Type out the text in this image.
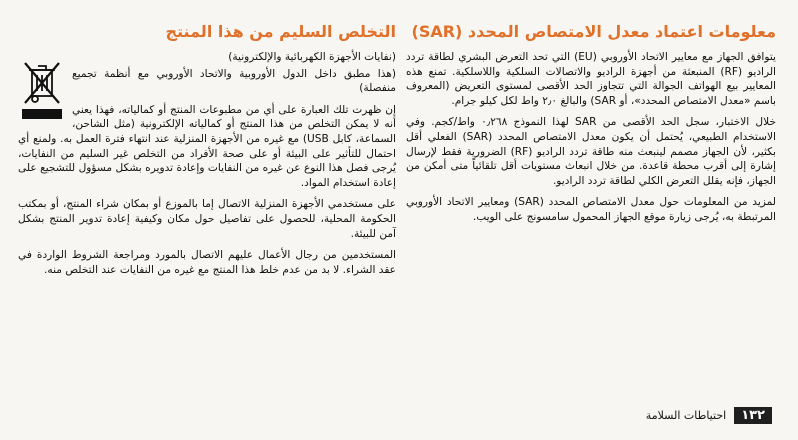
معلومات اعتماد معدل الامتصاص المحدد (SAR)

يتوافق الجهاز مع معايير الاتحاد الأوروبي (EU) التي تحد التعرض البشري لطاقة تردد الراديو (RF) المنبعثة من أجهزة الراديو والاتصالات السلكية واللاسلكية. تمنع هذه المعايير بيع الهواتف الجوالة التي تتجاوز الحد الأقصى لمستوى التعريض (المعروف باسم «معدل الامتصاص المحدد»، أو SAR) والبالغ ٢٫٠ واط لكل كيلو جرام.

خلال الاختبار، سجل الحد الأقصى من SAR لهذا النموذج ٠٫٢٦٨ واط/كجم. وفي الاستخدام الطبيعي، يُحتمل أن يكون معدل الامتصاص المحدد (SAR) الفعلي أقل بكثير، لأن الجهاز مصمم لينبعث منه طاقة تردد الراديو (RF) الضرورية فقط لإرسال إشارة إلى أقرب محطة قاعدة. من خلال انبعاث مستويات أقل تلقائياً متى أمكن من الجهاز، فإنه يقلل التعرض الكلي لطاقة تردد الراديو.

لمزيد من المعلومات حول معدل الامتصاص المحدد (SAR) ومعايير الاتحاد الأوروبي المرتبطة به، يُرجى زيارة موقع الجهاز المحمول سامسونج على الويب.

التخلص السليم من هذا المنتج

(نفايات الأجهزة الكهربائية والإلكترونية)

(هذا مطبق داخل الدول الأوروبية والاتحاد الأوروبي مع أنظمة تجميع منفصلة)

إن ظهرت تلك العبارة على أي من مطبوعات المنتج أو كمالياته، فهذا يعني أنه لا يمكن التخلص من هذا المنتج أو كمالياته الإلكترونية (مثل الشاحن، السماعة، كابل USB) مع غيره من الأجهزة المنزلية عند انتهاء فترة العمل به. ولمنع أي احتمال للتأثير على البيئة أو على صحة الأفراد من التخلص غير السليم من النفايات، يُرجى فصل هذا النوع عن غيره من النفايات وإعادة تدويره بشكل مسؤول للتشجيع على إعادة استخدام المواد.

على مستخدمي الأجهزة المنزلية الاتصال إما بالموزع أو بمكان شراء المنتج، أو بمكتب الحكومة المحلية، للحصول على تفاصيل حول مكان وكيفية إعادة تدوير المنتج بشكل آمن للبيئة.

المستخدمين من رجال الأعمال عليهم الاتصال بالمورد ومراجعة الشروط الواردة في عقد الشراء. لا بد من عدم خلط هذا المنتج مع غيره من النفايات عند التخلص منه.

١٣٢
احتياطات السلامة
